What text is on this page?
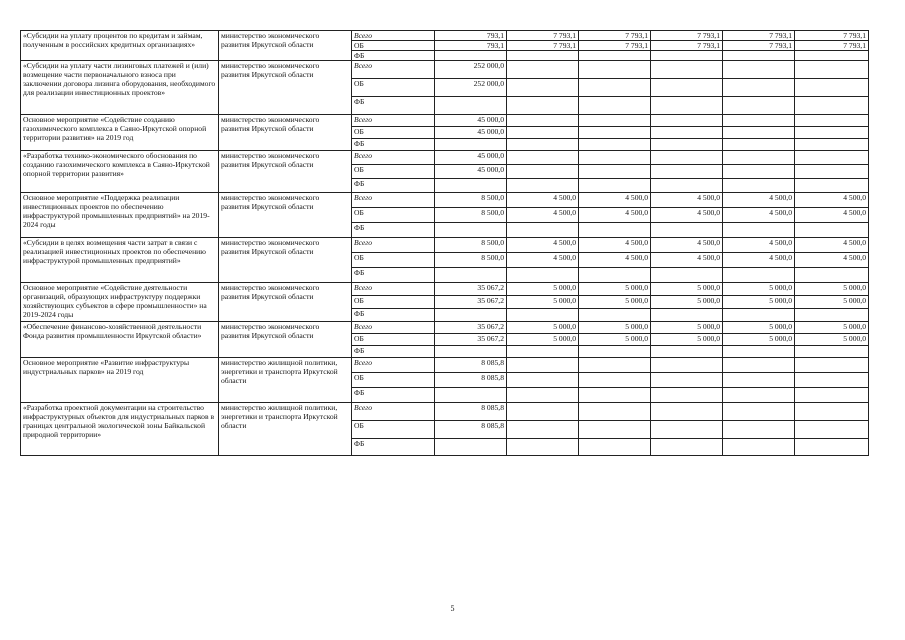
«Субсидии на уплату процентов по кредитам и займам, полученным в российских кредитных организациях»	министерство экономического развития Иркутской области	Всего	793,1	7 793,1	7 793,1	7 793,1	7 793,1	7 793,1
		ОБ	793,1	7 793,1	7 793,1	7 793,1	7 793,1	7 793,1
		ФБ						
«Субсидии на уплату части лизинговых платежей и (или) возмещение части первоначального взноса при заключении договора лизинга оборудования, необходимого для реализации инвестиционных проектов»	министерство экономического развития Иркутской области	Всего	252 000,0					
		ОБ	252 000,0					
		ФБ						
Основное мероприятие «Содействие созданию газохимического комплекса в Саяно-Иркутской опорной территории развития» на 2019 год	министерство экономического развития Иркутской области	Всего	45 000,0					
		ОБ	45 000,0					
		ФБ						
«Разработка технико-экономического обоснования по созданию газохимического комплекса в Саяно-Иркутской опорной территории развития»	министерство экономического развития Иркутской области	Всего	45 000,0					
		ОБ	45 000,0					
		ФБ						
Основное мероприятие «Поддержка реализации инвестиционных проектов по обеспечению инфраструктурой промышленных предприятий» на 2019-2024 годы	министерство экономического развития Иркутской области	Всего	8 500,0	4 500,0	4 500,0	4 500,0	4 500,0	4 500,0
		ОБ	8 500,0	4 500,0	4 500,0	4 500,0	4 500,0	4 500,0
		ФБ						
«Субсидии в целях возмещения части затрат в связи с реализацией инвестиционных проектов по обеспечению инфраструктурой промышленных предприятий»	министерство экономического развития Иркутской области	Всего	8 500,0	4 500,0	4 500,0	4 500,0	4 500,0	4 500,0
		ОБ	8 500,0	4 500,0	4 500,0	4 500,0	4 500,0	4 500,0
		ФБ						
Основное мероприятие «Содействие деятельности организаций, образующих инфраструктуру поддержки хозяйствующих субъектов в сфере промышленности» на 2019-2024 годы	министерство экономического развития Иркутской области	Всего	35 067,2	5 000,0	5 000,0	5 000,0	5 000,0	5 000,0
		ОБ	35 067,2	5 000,0	5 000,0	5 000,0	5 000,0	5 000,0
		ФБ						
«Обеспечение финансово-хозяйственной деятельности Фонда развития промышленности Иркутской области»	министерство экономического развития Иркутской области	Всего	35 067,2	5 000,0	5 000,0	5 000,0	5 000,0	5 000,0
		ОБ	35 067,2	5 000,0	5 000,0	5 000,0	5 000,0	5 000,0
		ФБ						
Основное мероприятие «Развитие инфраструктуры индустриальных парков» на 2019 год	министерство жилищной политики, энергетики и транспорта Иркутской области	Всего	8 085,8					
		ОБ	8 085,8					
		ФБ						
«Разработка проектной документации на строительство инфраструктурных объектов для индустриальных парков в границах центральной экологической зоны Байкальской природной территории»	министерство жилищной политики, энергетики и транспорта Иркутской области	Всего	8 085,8					
		ОБ	8 085,8					
		ФБ						
5
